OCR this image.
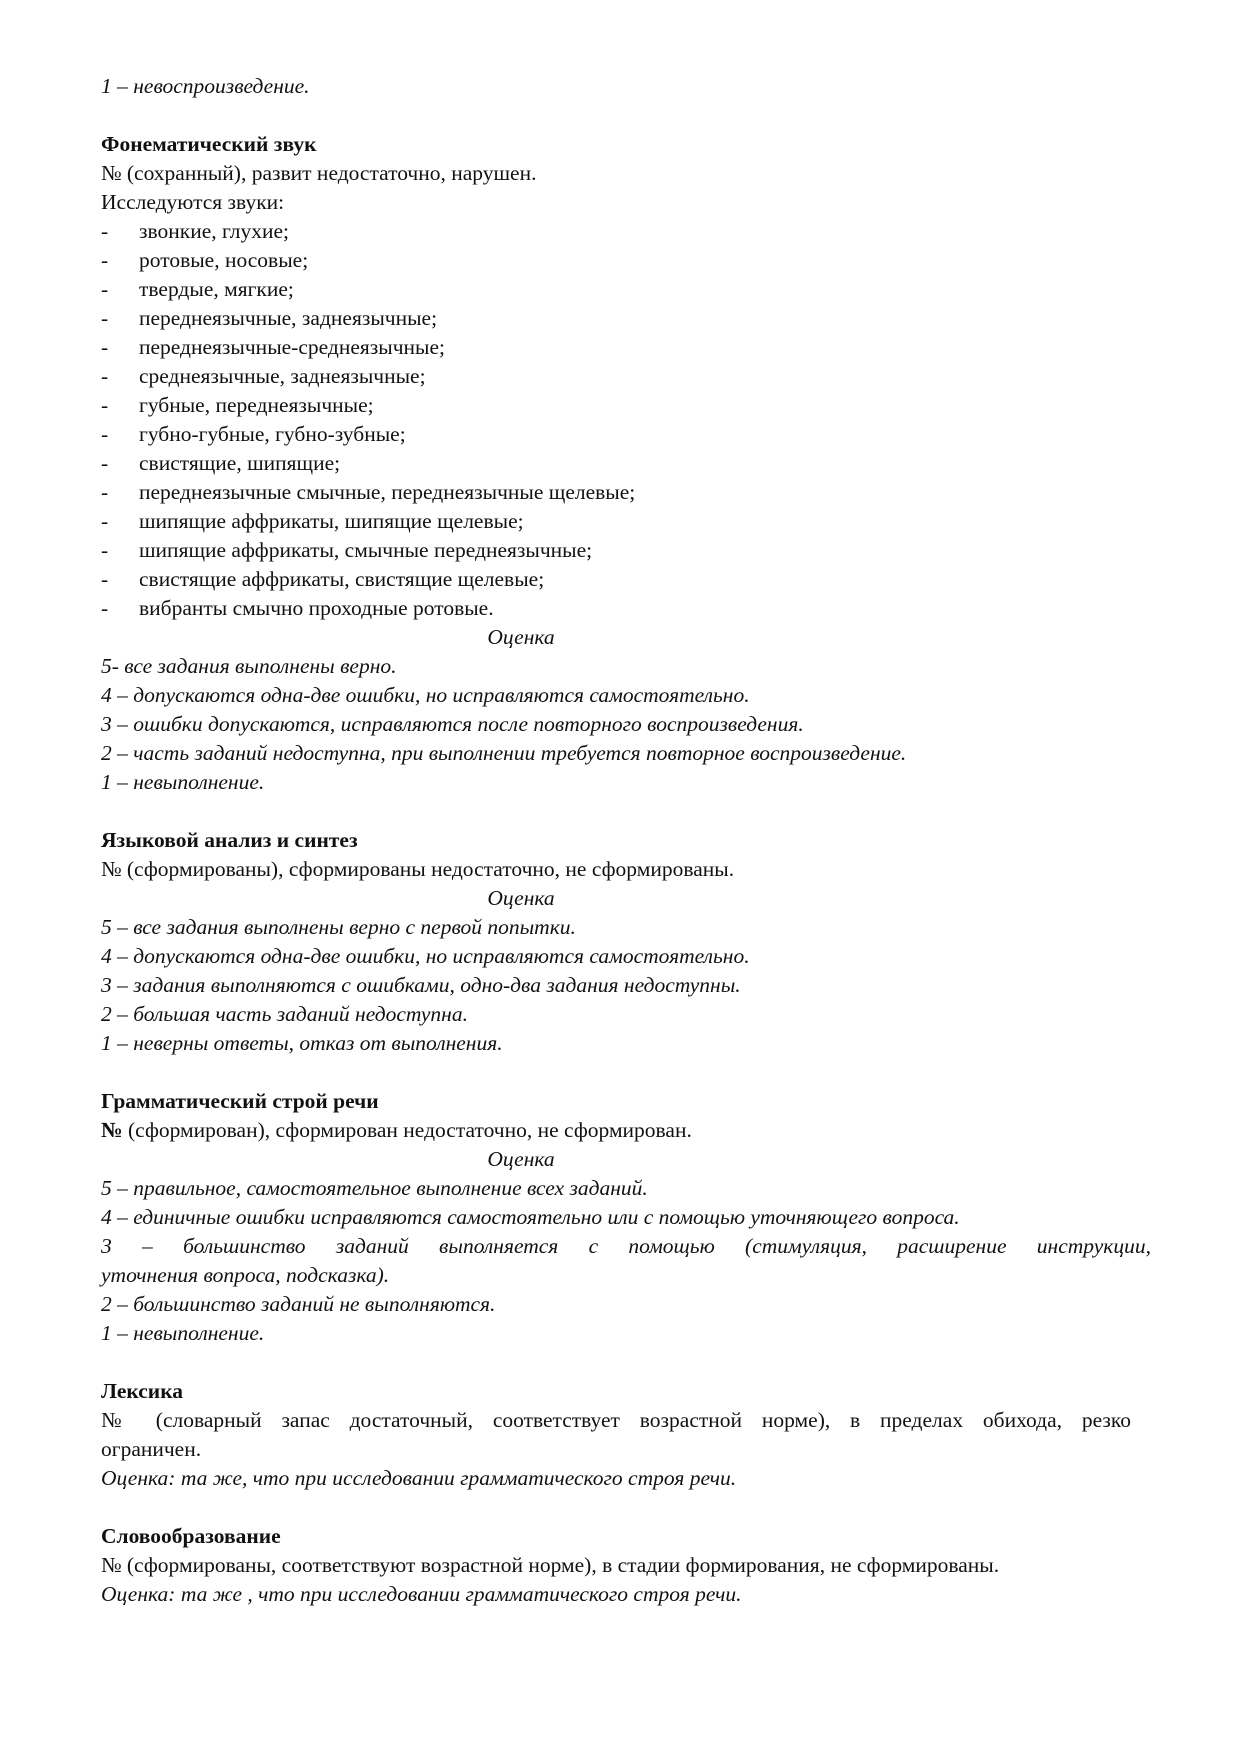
1 – невоспроизведение.
Фонематический звук
№ (сохранный), развит недостаточно, нарушен.
Исследуются звуки:
-	звонкие, глухие;
-	ротовые, носовые;
-	твердые, мягкие;
-	переднеязычные, заднеязычные;
-	переднеязычные-среднеязычные;
-	среднеязычные, заднеязычные;
-	губные, переднеязычные;
-	губно-губные, губно-зубные;
-	свистящие, шипящие;
-	переднеязычные смычные, переднеязычные щелевые;
-	шипящие аффрикаты, шипящие щелевые;
-	шипящие аффрикаты, смычные переднеязычные;
-	свистящие аффрикаты, свистящие щелевые;
-	вибранты смычно проходные ротовые.
Оценка
5- все задания выполнены верно.
4 – допускаются одна-две ошибки, но исправляются самостоятельно.
3 – ошибки допускаются, исправляются после повторного воспроизведения.
2 – часть заданий недоступна, при выполнении требуется повторное воспроизведение.
1 – невыполнение.
Языковой анализ и синтез
№ (сформированы), сформированы недостаточно, не сформированы.
Оценка
5 – все задания выполнены верно с первой попытки.
4 – допускаются одна-две ошибки, но исправляются самостоятельно.
3 – задания выполняются с ошибками, одно-два задания недоступны.
2 – большая часть заданий недоступна.
1 – неверны ответы, отказ от выполнения.
Грамматический строй речи
№ (сформирован), сформирован недостаточно, не сформирован.
Оценка
5 – правильное, самостоятельное выполнение всех заданий.
4 – единичные ошибки исправляются самостоятельно или с помощью уточняющего вопроса.
3 – большинство заданий выполняется с помощью (стимуляция, расширение инструкции,
уточнения вопроса, подсказка).
2 – большинство заданий не выполняются.
1 – невыполнение.
Лексика
№ (словарный запас достаточный, соответствует возрастной норме), в пределах обихода, резко
ограничен.
Оценка: та же, что при исследовании грамматического строя речи.
Словообразование
№ (сформированы, соответствуют возрастной норме), в стадии формирования, не сформированы.
Оценка: та же , что при исследовании грамматического строя речи.
